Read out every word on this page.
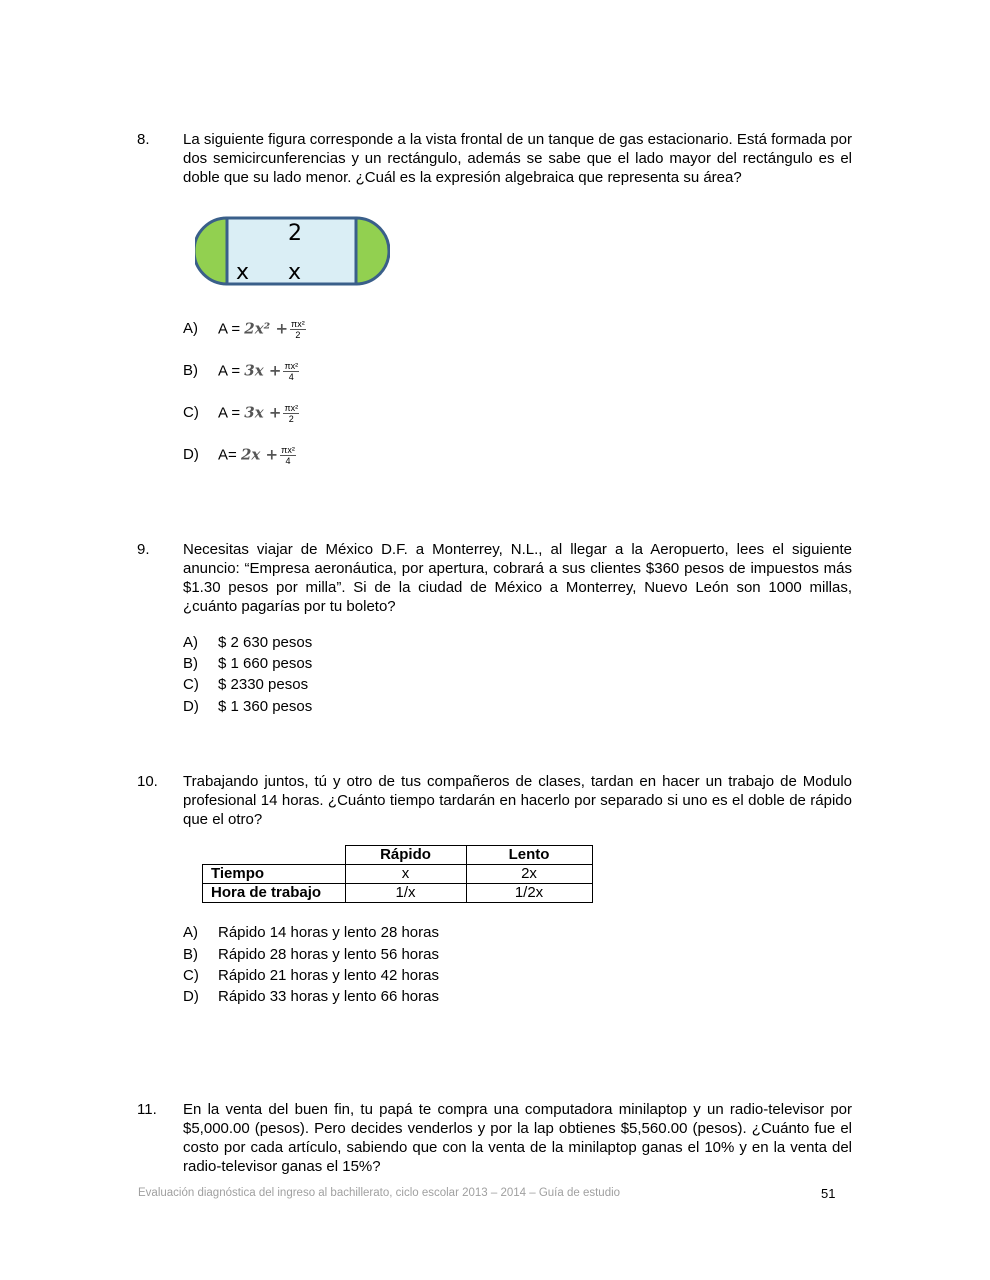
8. La siguiente figura corresponde a la vista frontal de un tanque de gas estacionario. Está formada por dos semicircunferencias y un rectángulo, además se sabe que el lado mayor del rectángulo es el doble que su lado menor. ¿Cuál es la expresión algebraica que representa su área?
2
x x
A) $A = 2x^2 + \frac{\text{πx²}}{2}$
B) $A = 3x + \frac{\text{πx²}}{4}$
C) $A = 3x + \frac{\text{πx²}}{2}$
D) $A= 2x + \frac{\text{πx²}}{4}$
9. Necesitas viajar de México D.F. a Monterrey, N.L., al llegar a la Aeropuerto, lees el siguiente anuncio: “Empresa aeronáutica, por apertura, cobrará a sus clientes $360 pesos de impuestos más $1.30 pesos por milla”. Si de la ciudad de México a Monterrey, Nuevo León son 1000 millas, ¿cuánto pagarías por tu boleto?
A) $ 2 630 pesos
B) $ 1 660 pesos
C) $ 2330 pesos
D) $ 1 360 pesos
10. Trabajando juntos, tú y otro de tus compañeros de clases, tardan en hacer un trabajo de Modulo profesional 14 horas. ¿Cuánto tiempo tardarán en hacerlo por separado si uno es el doble de rápido que el otro?
	Rápido	Lento
Tiempo	x	2x
Hora de trabajo	1/x	1/2x
A) Rápido 14 horas y lento 28 horas
B) Rápido 28 horas y lento 56 horas
C) Rápido 21 horas y lento 42 horas
D) Rápido 33 horas y lento 66 horas
11. En la venta del buen fin, tu papá te compra una computadora minilaptop y un radio-televisor por $5,000.00 (pesos). Pero decides venderlos y por la lap obtienes $5,560.00 (pesos). ¿Cuánto fue el costo por cada artículo, sabiendo que con la venta de la minilaptop ganas el 10% y en la venta del radio-televisor ganas el 15%?
Evaluación diagnóstica del ingreso al bachillerato, ciclo escolar 2013 – 2014 – Guía de estudio	51
